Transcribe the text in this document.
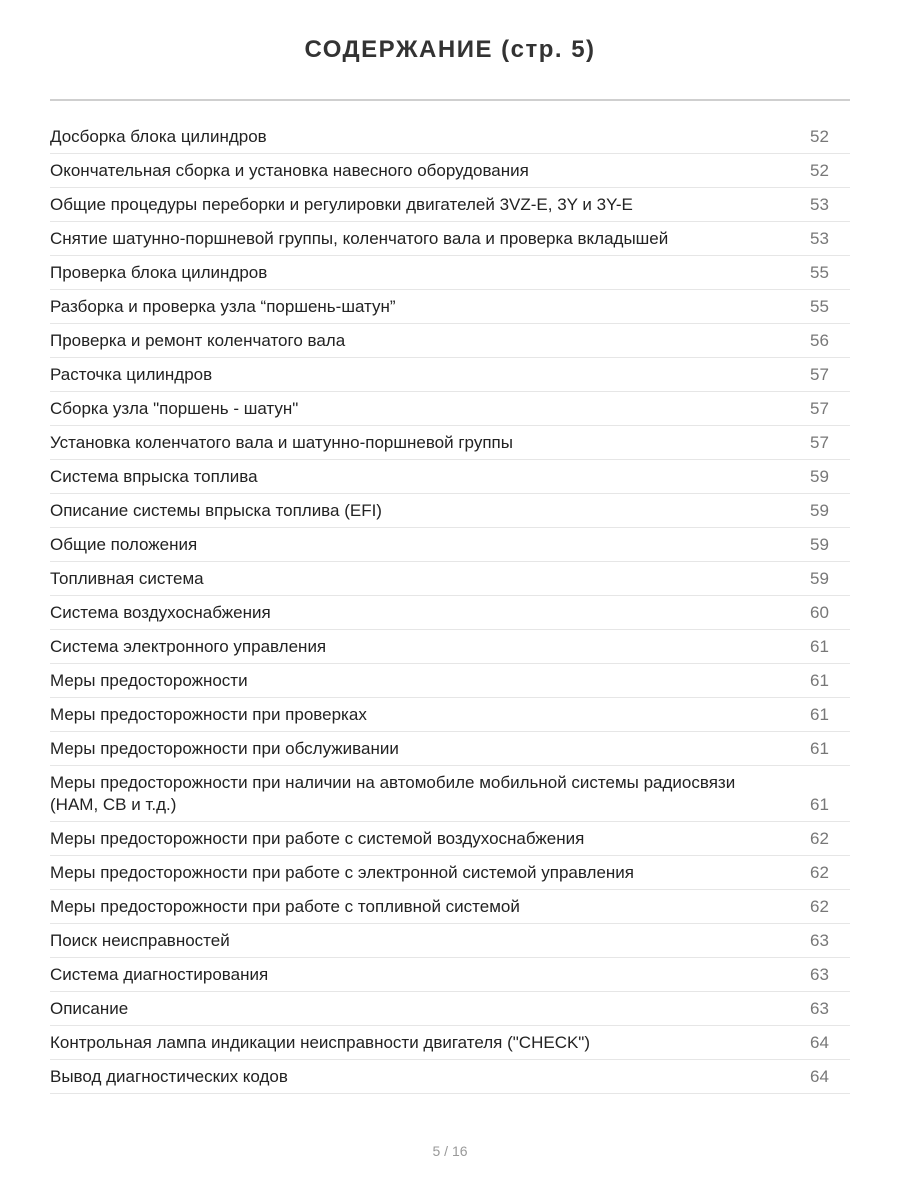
СОДЕРЖАНИЕ (стр. 5)
Досборка блока цилиндров	52
Окончательная сборка и установка навесного оборудования	52
Общие процедуры переборки и регулировки двигателей 3VZ-E, 3Y и 3Y-E	53
Снятие шатунно-поршневой группы, коленчатого вала и проверка вкладышей	53
Проверка блока цилиндров	55
Разборка и проверка узла “поршень-шатун”	55
Проверка и ремонт коленчатого вала	56
Расточка цилиндров	57
Сборка узла "поршень - шатун"	57
Установка коленчатого вала и шатунно-поршневой группы	57
Система впрыска топлива	59
Описание системы впрыска топлива (EFI)	59
Общие положения	59
Топливная система	59
Система воздухоснабжения	60
Система электронного управления	61
Меры предосторожности	61
Меры предосторожности при проверках	61
Меры предосторожности при обслуживании	61
Меры предосторожности при наличии на автомобиле мобильной системы радиосвязи (HAM, CB и т.д.)	61
Меры предосторожности при работе с системой воздухоснабжения	62
Меры предосторожности при работе с электронной системой управления	62
Меры предосторожности при работе с топливной системой	62
Поиск неисправностей	63
Система диагностирования	63
Описание	63
Контрольная лампа индикации неисправности двигателя ("CHECK")	64
Вывод диагностических кодов	64
5 / 16
